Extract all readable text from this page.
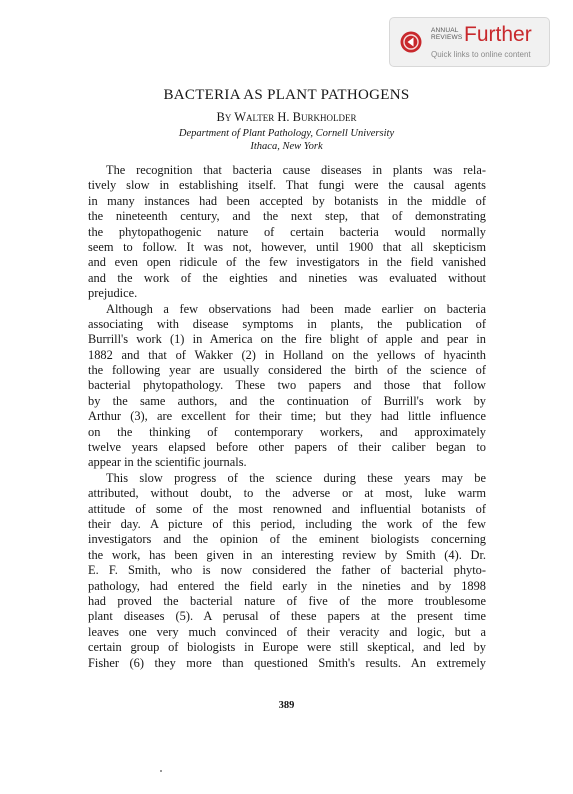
ANNUAL
REVIEWS Further
Quick links to online content
BACTERIA AS PLANT PATHOGENS
By Walter H. Burkholder
Department of Plant Pathology, Cornell University
Ithaca, New York
The recognition that bacteria cause diseases in plants was rela-
tively slow in establishing itself. That fungi were the causal agents
in many instances had been accepted by botanists in the middle of
the nineteenth century, and the next step, that of demonstrating
the phytopathogenic nature of certain bacteria would normally
seem to follow. It was not, however, until 1900 that all skepticism
and even open ridicule of the few investigators in the field vanished
and the work of the eighties and nineties was evaluated without
prejudice.
Although a few observations had been made earlier on bacteria
associating with disease symptoms in plants, the publication of
Burrill's work (1) in America on the fire blight of apple and pear in
1882 and that of Wakker (2) in Holland on the yellows of hyacinth
the following year are usually considered the birth of the science of
bacterial phytopathology. These two papers and those that follow
by the same authors, and the continuation of Burrill's work by
Arthur (3), are excellent for their time; but they had little influence
on the thinking of contemporary workers, and approximately
twelve years elapsed before other papers of their caliber began to
appear in the scientific journals.
This slow progress of the science during these years may be
attributed, without doubt, to the adverse or at most, luke warm
attitude of some of the most renowned and influential botanists of
their day. A picture of this period, including the work of the few
investigators and the opinion of the eminent biologists concerning
the work, has been given in an interesting review by Smith (4). Dr.
E. F. Smith, who is now considered the father of bacterial phyto-
pathology, had entered the field early in the nineties and by 1898
had proved the bacterial nature of five of the more troublesome
plant diseases (5). A perusal of these papers at the present time
leaves one very much convinced of their veracity and logic, but a
certain group of biologists in Europe were still skeptical, and led by
Fisher (6) they more than questioned Smith's results. An extremely
389
